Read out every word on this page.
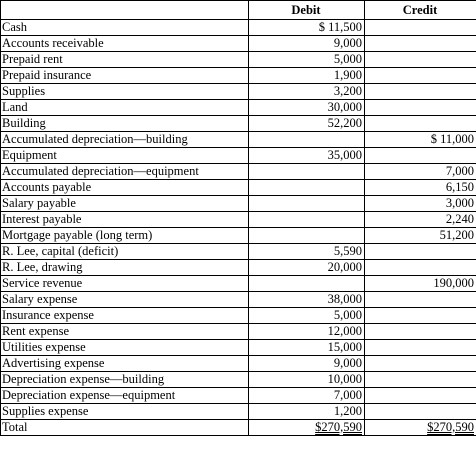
	Debit	Credit
Cash	$ 11,500	
Accounts receivable	9,000	
Prepaid rent	5,000	
Prepaid insurance	1,900	
Supplies	3,200	
Land	30,000	
Building	52,200	
Accumulated depreciation—building		$ 11,000
Equipment	35,000	
Accumulated depreciation—equipment		7,000
Accounts payable		6,150
Salary payable		3,000
Interest payable		2,240
Mortgage payable (long term)		51,200
R. Lee, capital (deficit)	5,590	
R. Lee, drawing	20,000	
Service revenue		190,000
Salary expense	38,000	
Insurance expense	5,000	
Rent expense	12,000	
Utilities expense	15,000	
Advertising expense	9,000	
Depreciation expense—building	10,000	
Depreciation expense—equipment	7,000	
Supplies expense	1,200	
Total	$270,590	$270,590
